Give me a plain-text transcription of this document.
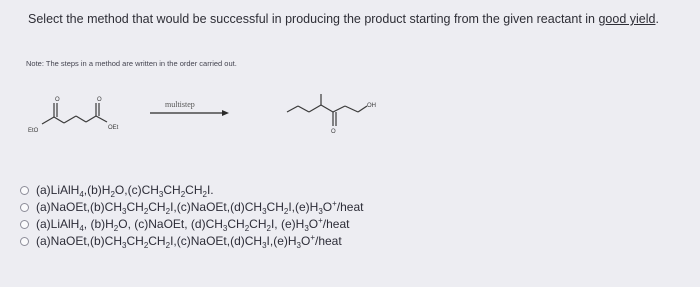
Select the method that would be successful in producing the product starting from the given reactant in good yield.
Note: The steps in a method are written in the order carried out.
O	O
EtO	OEt
O
OH
multistep
$(a)LiAlH_4,(b)H_2O,(c)CH_3CH_2CH_2I$.
$(a)NaOEt,(b)CH_3CH_2CH_2I,(c)NaOEt,(d)CH_3CH_2I,(e)H_3O^+$/heat
(a)LiAlH$_4$, $(b)H_2O$, (c)NaOEt, $(d)CH_3CH_2CH_2I$, $(e)H_3O^+$/heat
$(a)NaOEt,(b)CH_3CH_2CH_2I,(c)NaOEt,(d)CH_3I,(e)H_3O^+$/heat
